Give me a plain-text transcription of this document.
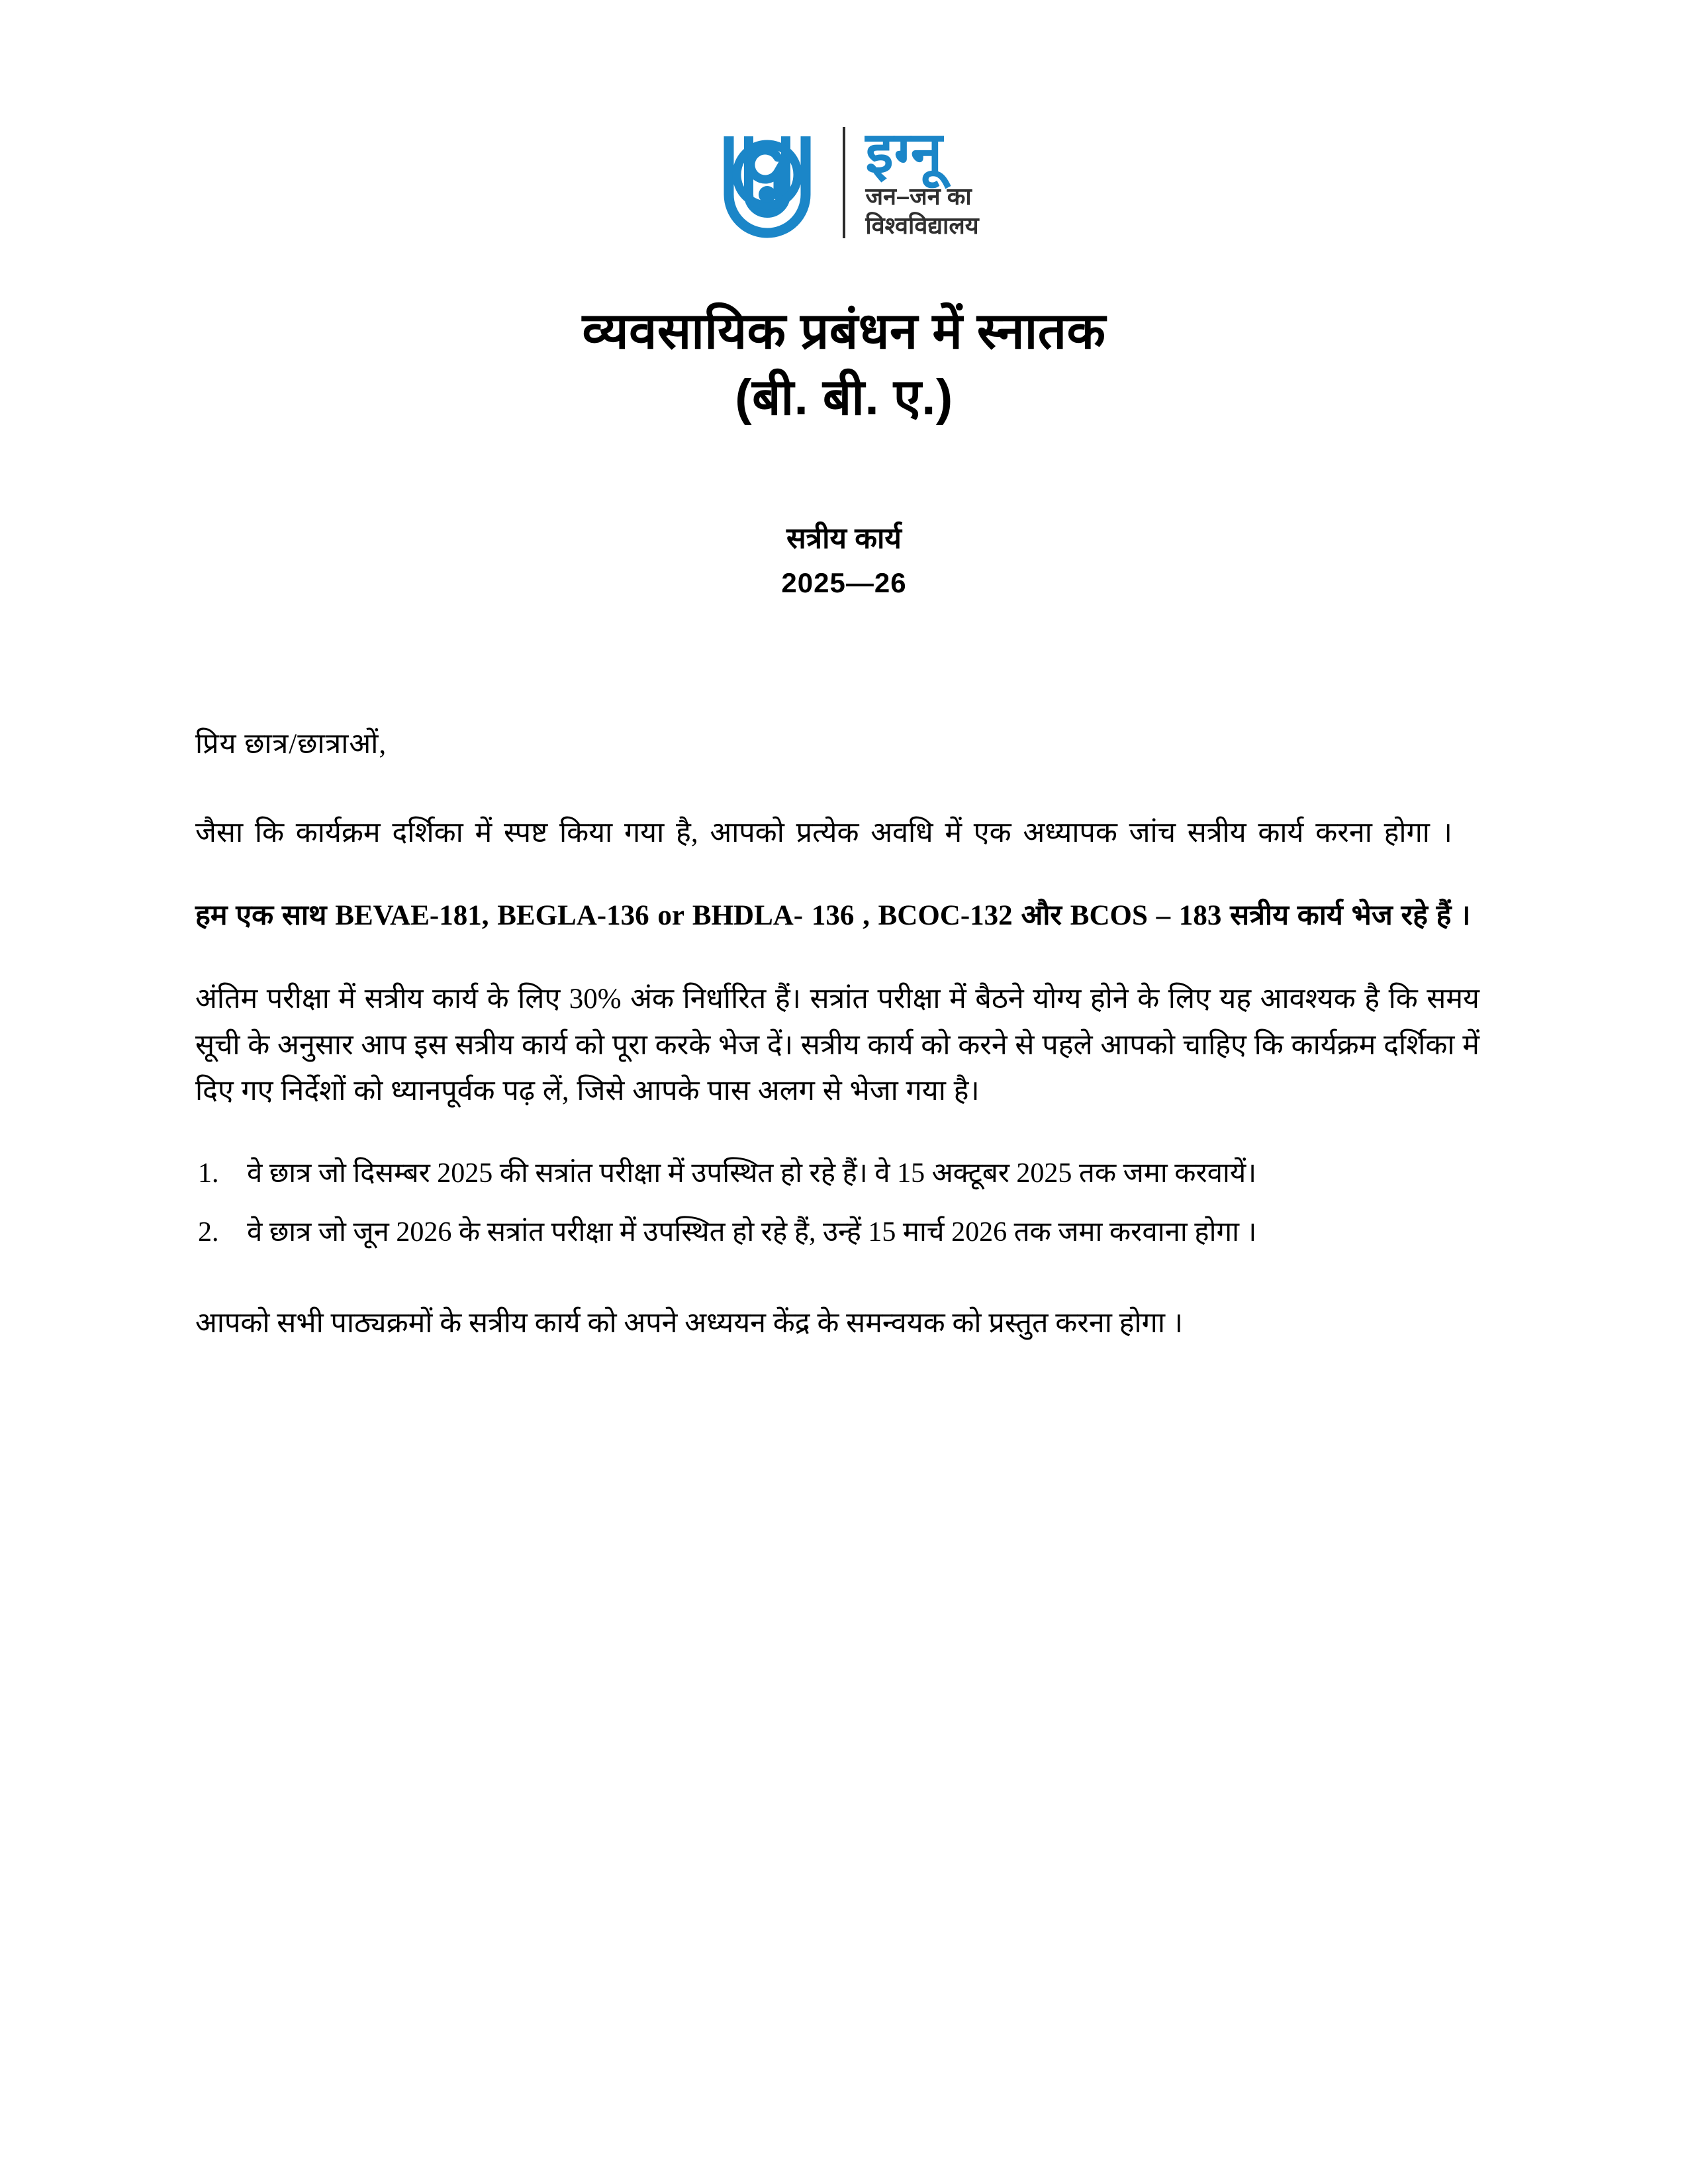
इग्नू
जन–जन का
विश्वविद्यालय
व्यवसायिक प्रबंधन में स्नातक
(बी. बी. ए.)
सत्रीय कार्य
2025—26

प्रिय छात्र/छात्राओं,

जैसा कि कार्यक्रम दर्शिका में स्पष्ट किया गया है, आपको प्रत्येक अवधि में एक अध्यापक जांच सत्रीय कार्य करना होगा ।

हम एक साथ BEVAE-181, BEGLA-136 or BHDLA- 136 , BCOC-132 और BCOS – 183 सत्रीय कार्य भेज रहे हैं ।

अंतिम परीक्षा में सत्रीय कार्य के लिए 30% अंक निर्धारित हैं। सत्रांत परीक्षा में बैठने योग्य होने के लिए यह आवश्यक है कि समय सूची के अनुसार आप इस सत्रीय कार्य को पूरा करके भेज दें। सत्रीय कार्य को करने से पहले आपको चाहिए कि कार्यक्रम दर्शिका में दिए गए निर्देशों को ध्यानपूर्वक पढ़ लें, जिसे आपके पास अलग से भेजा गया है।

वे छात्र जो दिसम्बर 2025 की सत्रांत परीक्षा में उपस्थित हो रहे हैं। वे 15 अक्टूबर 2025 तक जमा करवायें।
वे छात्र जो जून 2026 के सत्रांत परीक्षा में उपस्थित हो रहे हैं, उन्हें 15 मार्च 2026 तक जमा करवाना होगा ।

आपको सभी पाठ्यक्रमों के सत्रीय कार्य को अपने अध्ययन केंद्र के समन्वयक को प्रस्तुत करना होगा ।
